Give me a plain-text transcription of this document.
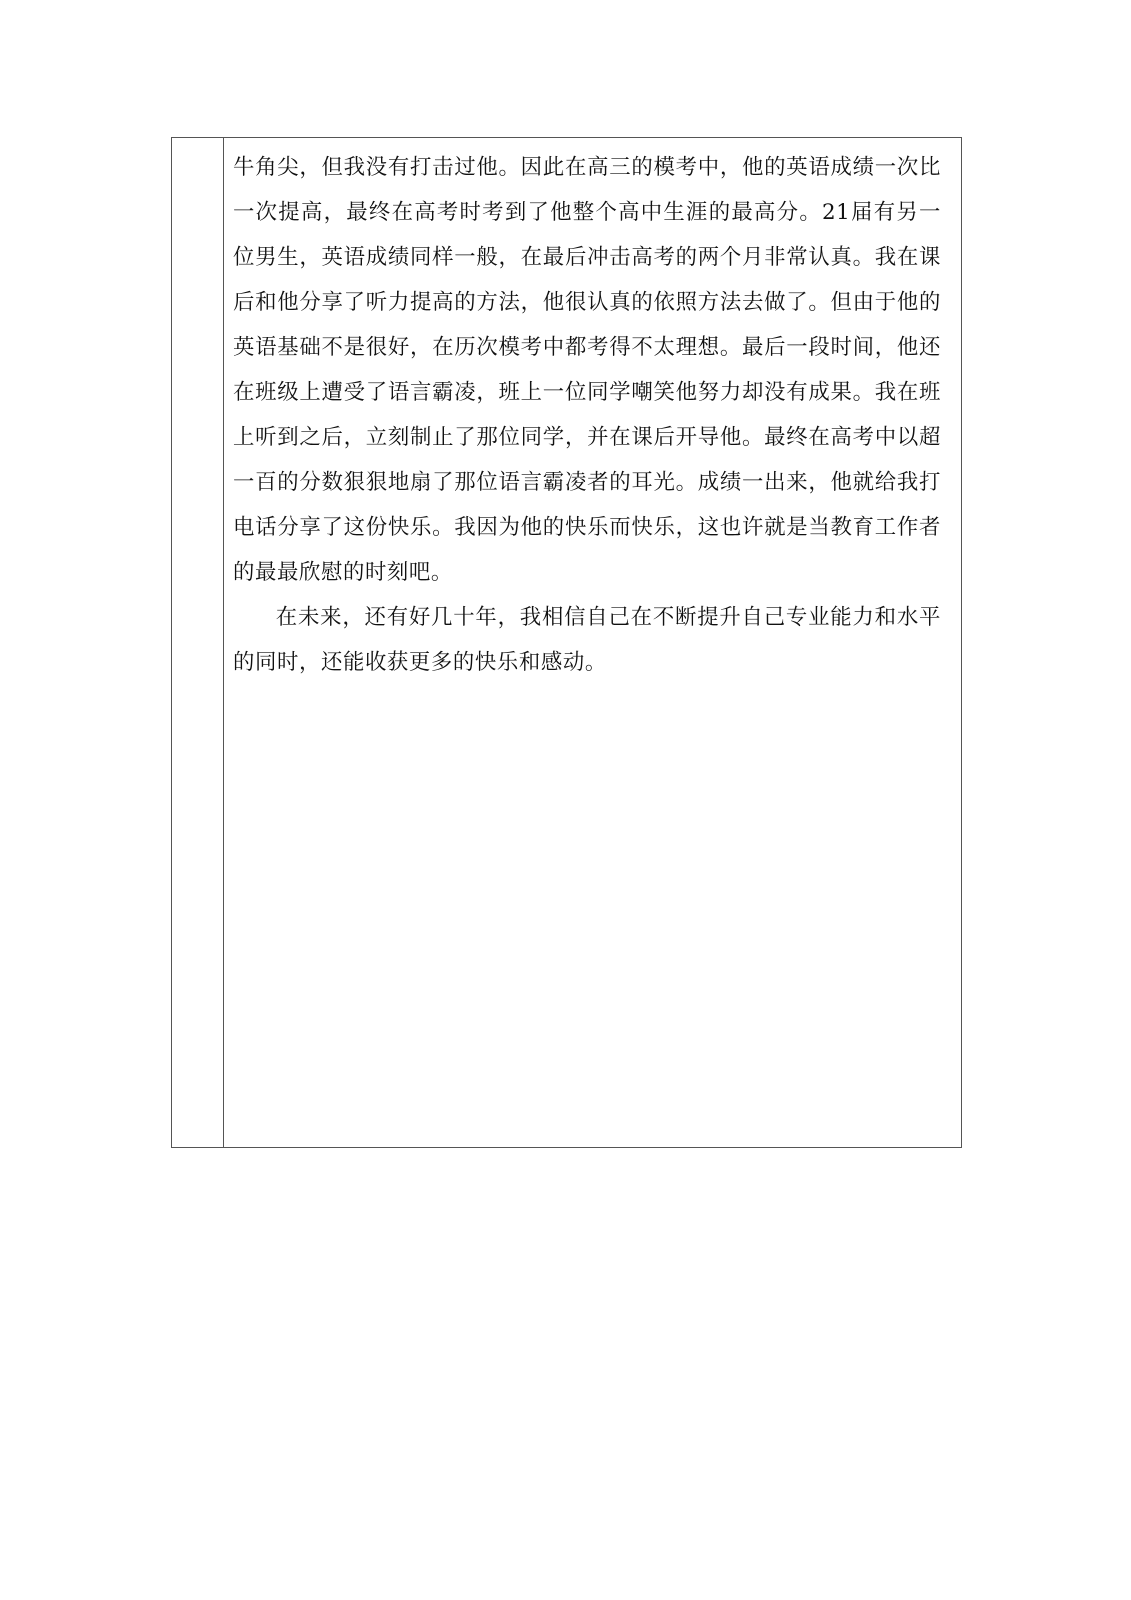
牛角尖，但我没有打击过他。因此在高三的模考中，他的英语成绩一次比一次提高，最终在高考时考到了他整个高中生涯的最高分。21届有另一位男生，英语成绩同样一般，在最后冲击高考的两个月非常认真。我在课后和他分享了听力提高的方法，他很认真的依照方法去做了。但由于他的英语基础不是很好，在历次模考中都考得不太理想。最后一段时间，他还在班级上遭受了语言霸凌，班上一位同学嘲笑他努力却没有成果。我在班上听到之后，立刻制止了那位同学，并在课后开导他。最终在高考中以超一百的分数狠狠地扇了那位语言霸凌者的耳光。成绩一出来，他就给我打电话分享了这份快乐。我因为他的快乐而快乐，这也许就是当教育工作者的最最欣慰的时刻吧。

在未来，还有好几十年，我相信自己在不断提升自己专业能力和水平的同时，还能收获更多的快乐和感动。
